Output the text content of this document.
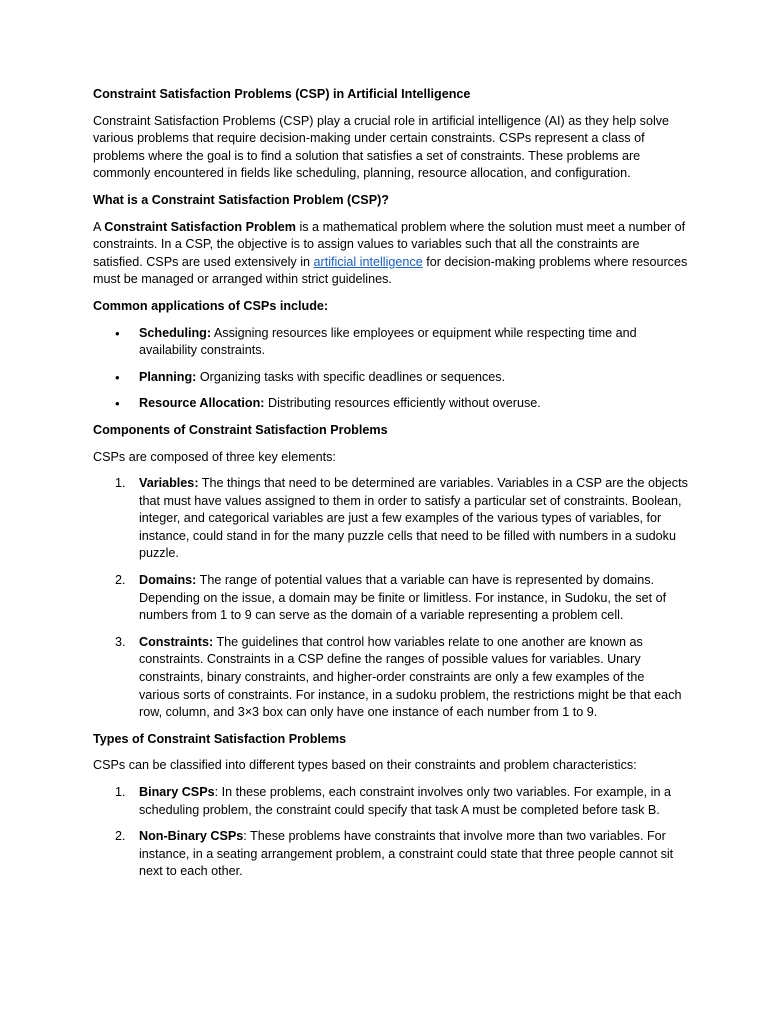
Constraint Satisfaction Problems (CSP) in Artificial Intelligence

Constraint Satisfaction Problems (CSP) play a crucial role in artificial intelligence (AI) as they help solve various problems that require decision-making under certain constraints. CSPs represent a class of problems where the goal is to find a solution that satisfies a set of constraints. These problems are commonly encountered in fields like scheduling, planning, resource allocation, and configuration.

What is a Constraint Satisfaction Problem (CSP)?

A Constraint Satisfaction Problem is a mathematical problem where the solution must meet a number of constraints. In a CSP, the objective is to assign values to variables such that all the constraints are satisfied. CSPs are used extensively in artificial intelligence for decision-making problems where resources must be managed or arranged within strict guidelines.

Common applications of CSPs include:

• Scheduling: Assigning resources like employees or equipment while respecting time and availability constraints.
• Planning: Organizing tasks with specific deadlines or sequences.
• Resource Allocation: Distributing resources efficiently without overuse.

Components of Constraint Satisfaction Problems

CSPs are composed of three key elements:

1. Variables: The things that need to be determined are variables. Variables in a CSP are the objects that must have values assigned to them in order to satisfy a particular set of constraints. Boolean, integer, and categorical variables are just a few examples of the various types of variables, for instance, could stand in for the many puzzle cells that need to be filled with numbers in a sudoku puzzle.
2. Domains: The range of potential values that a variable can have is represented by domains. Depending on the issue, a domain may be finite or limitless. For instance, in Sudoku, the set of numbers from 1 to 9 can serve as the domain of a variable representing a problem cell.
3. Constraints: The guidelines that control how variables relate to one another are known as constraints. Constraints in a CSP define the ranges of possible values for variables. Unary constraints, binary constraints, and higher-order constraints are only a few examples of the various sorts of constraints. For instance, in a sudoku problem, the restrictions might be that each row, column, and 3×3 box can only have one instance of each number from 1 to 9.

Types of Constraint Satisfaction Problems

CSPs can be classified into different types based on their constraints and problem characteristics:

1. Binary CSPs: In these problems, each constraint involves only two variables. For example, in a scheduling problem, the constraint could specify that task A must be completed before task B.
2. Non-Binary CSPs: These problems have constraints that involve more than two variables. For instance, in a seating arrangement problem, a constraint could state that three people cannot sit next to each other.
